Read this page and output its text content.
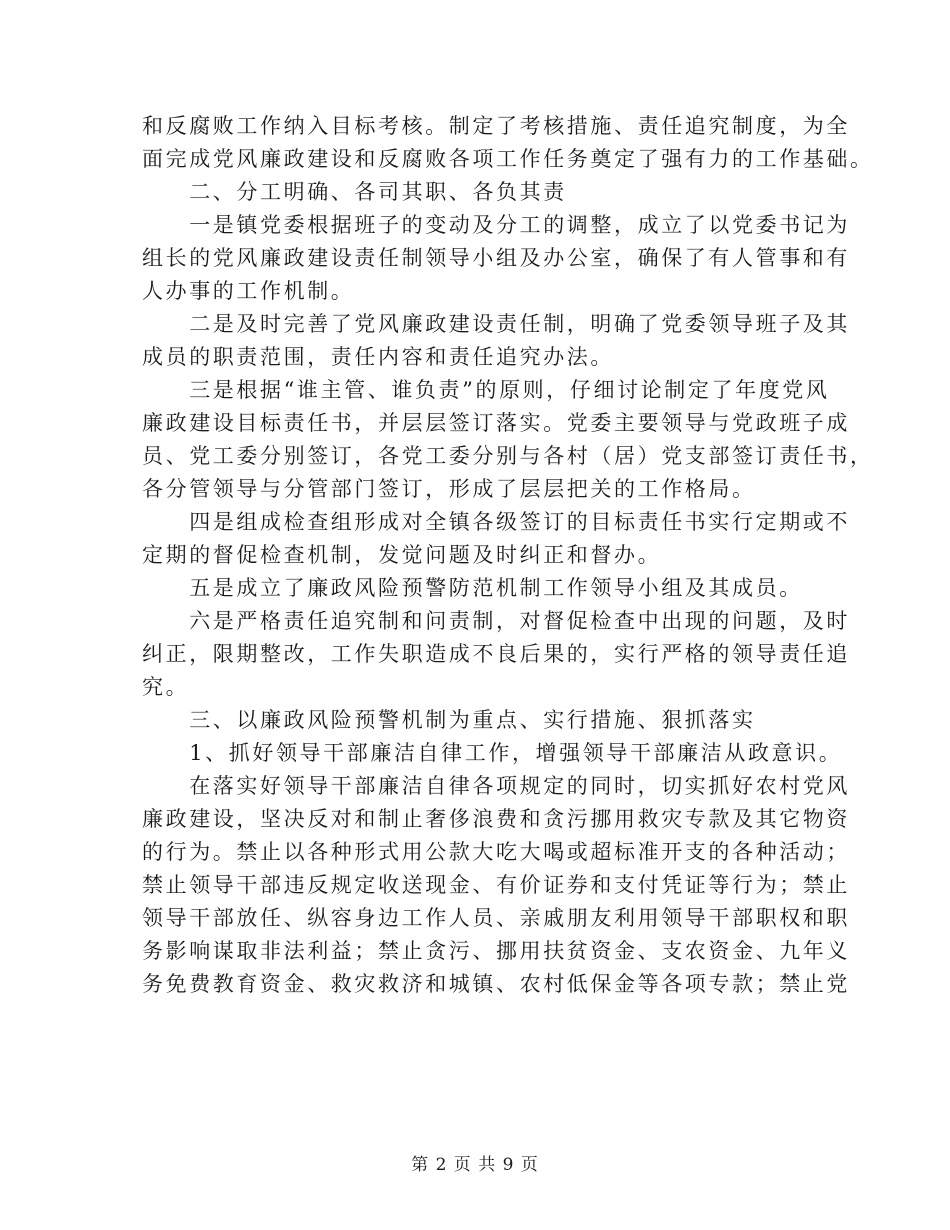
和反腐败工作纳入目标考核。制定了考核措施、责任追究制度，为全
面完成党风廉政建设和反腐败各项工作任务奠定了强有力的工作基础。
　　二、分工明确、各司其职、各负其责
　　一是镇党委根据班子的变动及分工的调整，成立了以党委书记为
组长的党风廉政建设责任制领导小组及办公室，确保了有人管事和有
人办事的工作机制。
　　二是及时完善了党风廉政建设责任制，明确了党委领导班子及其
成员的职责范围，责任内容和责任追究办法。
　　三是根据“谁主管、谁负责”的原则，仔细讨论制定了年度党风
廉政建设目标责任书，并层层签订落实。党委主要领导与党政班子成
员、党工委分别签订，各党工委分别与各村（居）党支部签订责任书，
各分管领导与分管部门签订，形成了层层把关的工作格局。
　　四是组成检查组形成对全镇各级签订的目标责任书实行定期或不
定期的督促检查机制，发觉问题及时纠正和督办。
　　五是成立了廉政风险预警防范机制工作领导小组及其成员。
　　六是严格责任追究制和问责制，对督促检查中出现的问题，及时
纠正，限期整改，工作失职造成不良后果的，实行严格的领导责任追
究。
　　三、以廉政风险预警机制为重点、实行措施、狠抓落实
　　1、抓好领导干部廉洁自律工作，增强领导干部廉洁从政意识。
　　在落实好领导干部廉洁自律各项规定的同时，切实抓好农村党风
廉政建设，坚决反对和制止奢侈浪费和贪污挪用救灾专款及其它物资
的行为。禁止以各种形式用公款大吃大喝或超标准开支的各种活动；
禁止领导干部违反规定收送现金、有价证券和支付凭证等行为；禁止
领导干部放任、纵容身边工作人员、亲戚朋友利用领导干部职权和职
务影响谋取非法利益；禁止贪污、挪用扶贫资金、支农资金、九年义
务免费教育资金、救灾救济和城镇、农村低保金等各项专款；禁止党
第 2 页 共 9 页
